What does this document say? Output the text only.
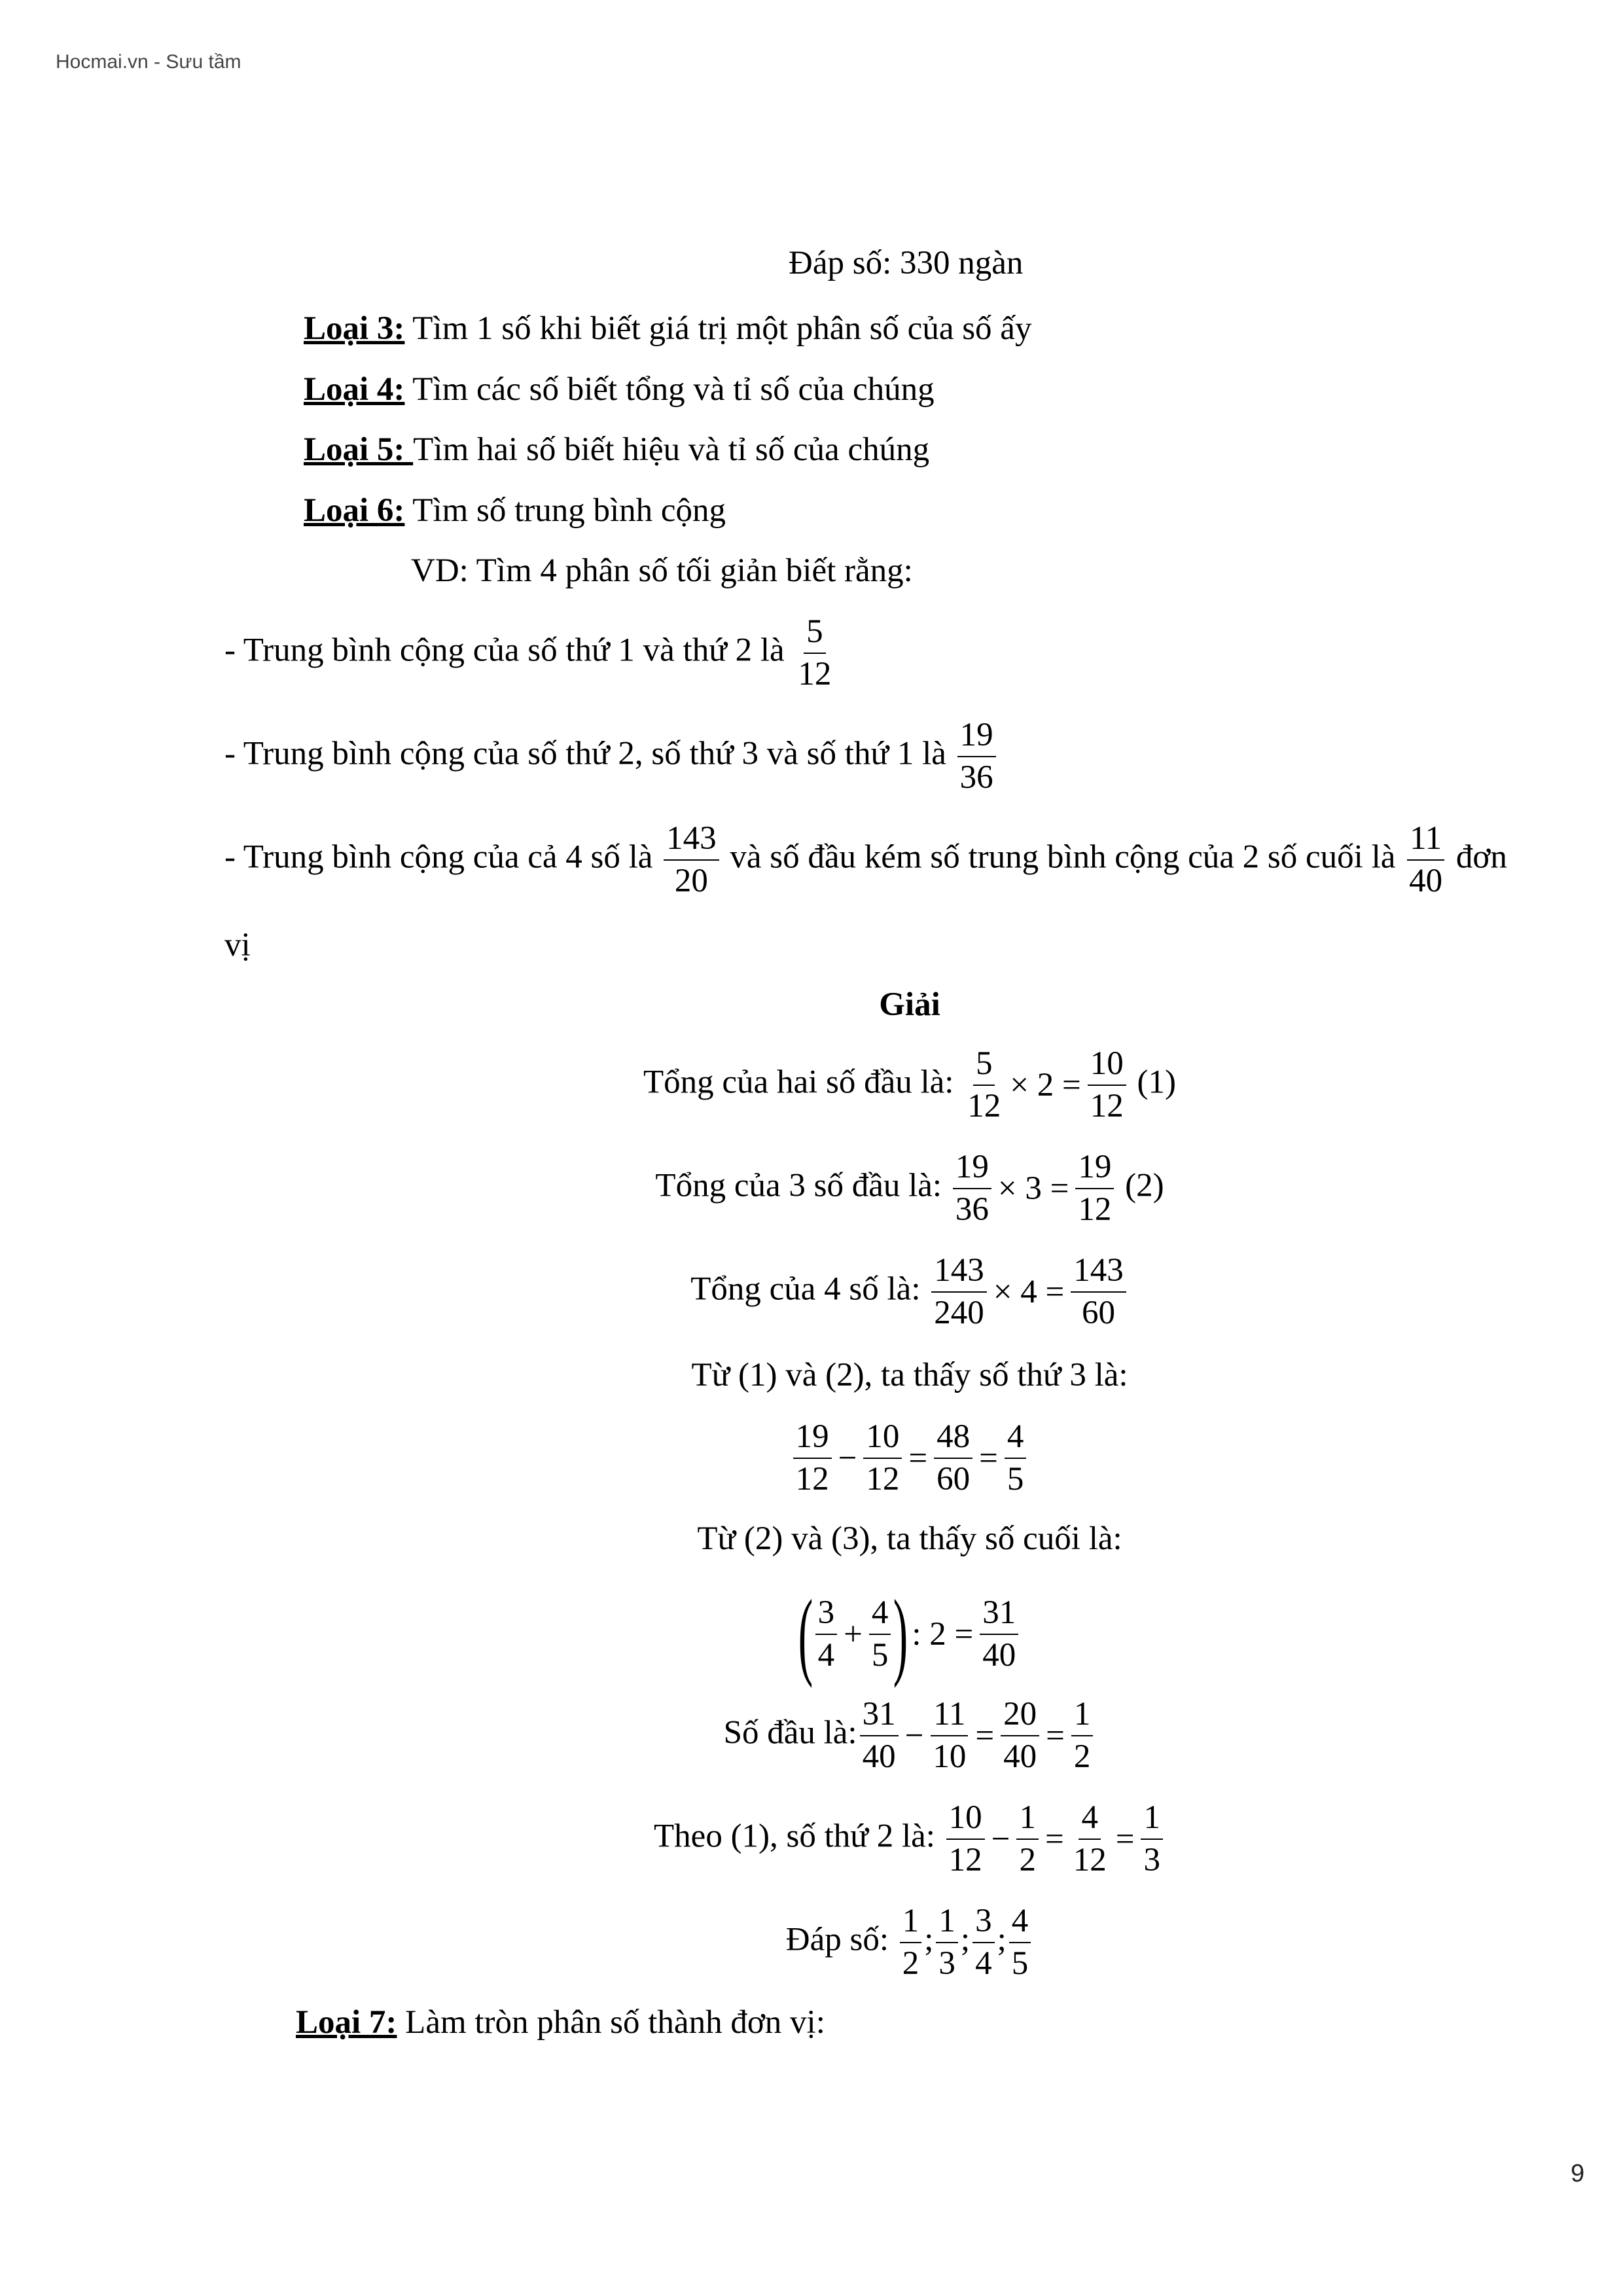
Hocmai.vn - Sưu tầm
Đáp số: 330 ngàn
Loại 3: Tìm 1 số khi biết giá trị một phân số của số ấy
Loại 4: Tìm các số biết tổng và tỉ số của chúng
Loại 5: Tìm hai số biết hiệu và tỉ số của chúng
Loại 6: Tìm số trung bình cộng
VD: Tìm 4 phân số tối giản biết rằng:
- Trung bình cộng của số thứ 1 và thứ 2 là $\frac{5}{12}$
- Trung bình cộng của số thứ 2, số thứ 3 và số thứ 1 là $\frac{19}{36}$
- Trung bình cộng của cả 4 số là $\frac{143}{20}$ và số đầu kém số trung bình cộng của 2 số cuối là $\frac{11}{40}$ đơn
vị
Giải
Tổng của hai số đầu là: $\frac{5}{12} \times 2 = \frac{10}{12} (1)$
Tổng của 3 số đầu là: $\frac{19}{36} \times 3 = \frac{19}{12} (2)$
Tổng của 4 số là: $\frac{143}{240} \times 4 = \frac{143}{60}$
Từ (1) và (2), ta thấy số thứ 3 là:
$\frac{19}{12} - \frac{10}{12} = \frac{48}{60} = \frac{4}{5}$
Từ (2) và (3), ta thấy số cuối là:
( $\frac{3}{4} + \frac{4}{5}$ ) : $2 = \frac{31}{40}$
Số đầu là: $\frac{31}{40} - \frac{11}{10} = \frac{20}{40} = \frac{1}{2}$
Theo (1), số thứ 2 là: $\frac{10}{12} - \frac{1}{2} = \frac{4}{12} = \frac{1}{3}$
Đáp số: $\frac{1}{2}$ ; $\frac{1}{3}$ ; $\frac{3}{4}$ ; $\frac{4}{5}$
Loại 7: Làm tròn phân số thành đơn vị:
9
